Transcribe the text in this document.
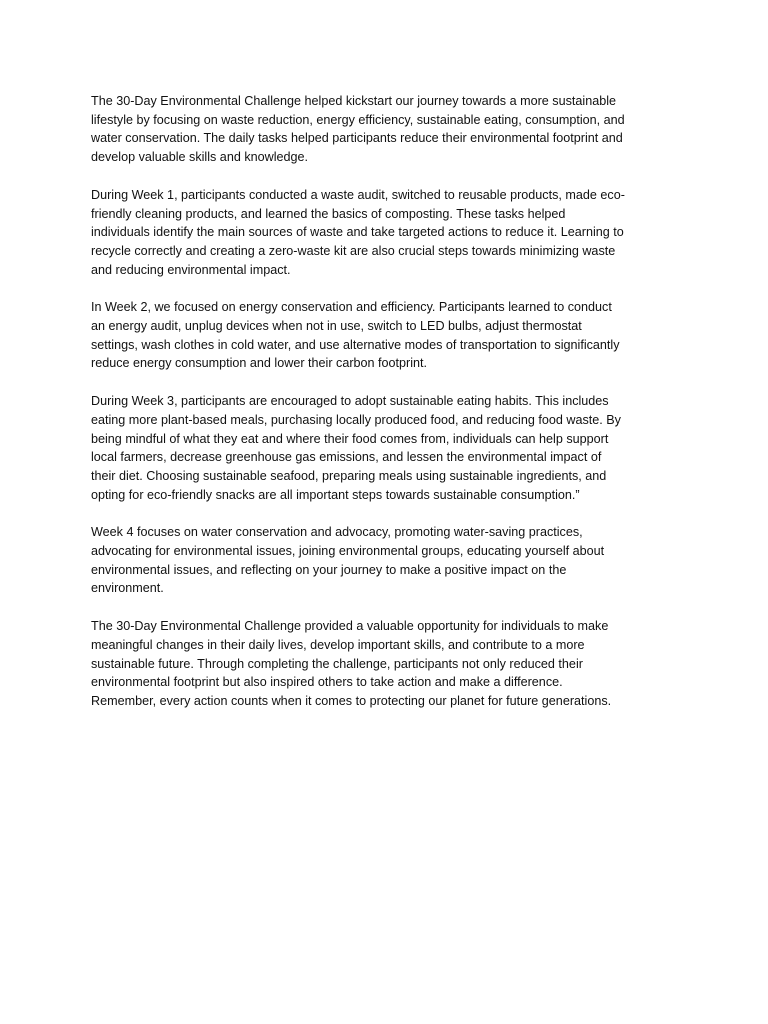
The 30-Day Environmental Challenge helped kickstart our journey towards a more sustainable
lifestyle by focusing on waste reduction, energy efficiency, sustainable eating, consumption, and
water conservation. The daily tasks helped participants reduce their environmental footprint and
develop valuable skills and knowledge.

During Week 1, participants conducted a waste audit, switched to reusable products, made eco-
friendly cleaning products, and learned the basics of composting. These tasks helped
individuals identify the main sources of waste and take targeted actions to reduce it. Learning to
recycle correctly and creating a zero-waste kit are also crucial steps towards minimizing waste
and reducing environmental impact.

In Week 2, we focused on energy conservation and efficiency. Participants learned to conduct
an energy audit, unplug devices when not in use, switch to LED bulbs, adjust thermostat
settings, wash clothes in cold water, and use alternative modes of transportation to significantly
reduce energy consumption and lower their carbon footprint.

During Week 3, participants are encouraged to adopt sustainable eating habits. This includes
eating more plant-based meals, purchasing locally produced food, and reducing food waste. By
being mindful of what they eat and where their food comes from, individuals can help support
local farmers, decrease greenhouse gas emissions, and lessen the environmental impact of
their diet. Choosing sustainable seafood, preparing meals using sustainable ingredients, and
opting for eco-friendly snacks are all important steps towards sustainable consumption.”

Week 4 focuses on water conservation and advocacy, promoting water-saving practices,
advocating for environmental issues, joining environmental groups, educating yourself about
environmental issues, and reflecting on your journey to make a positive impact on the
environment.

The 30-Day Environmental Challenge provided a valuable opportunity for individuals to make
meaningful changes in their daily lives, develop important skills, and contribute to a more
sustainable future. Through completing the challenge, participants not only reduced their
environmental footprint but also inspired others to take action and make a difference.
Remember, every action counts when it comes to protecting our planet for future generations.
